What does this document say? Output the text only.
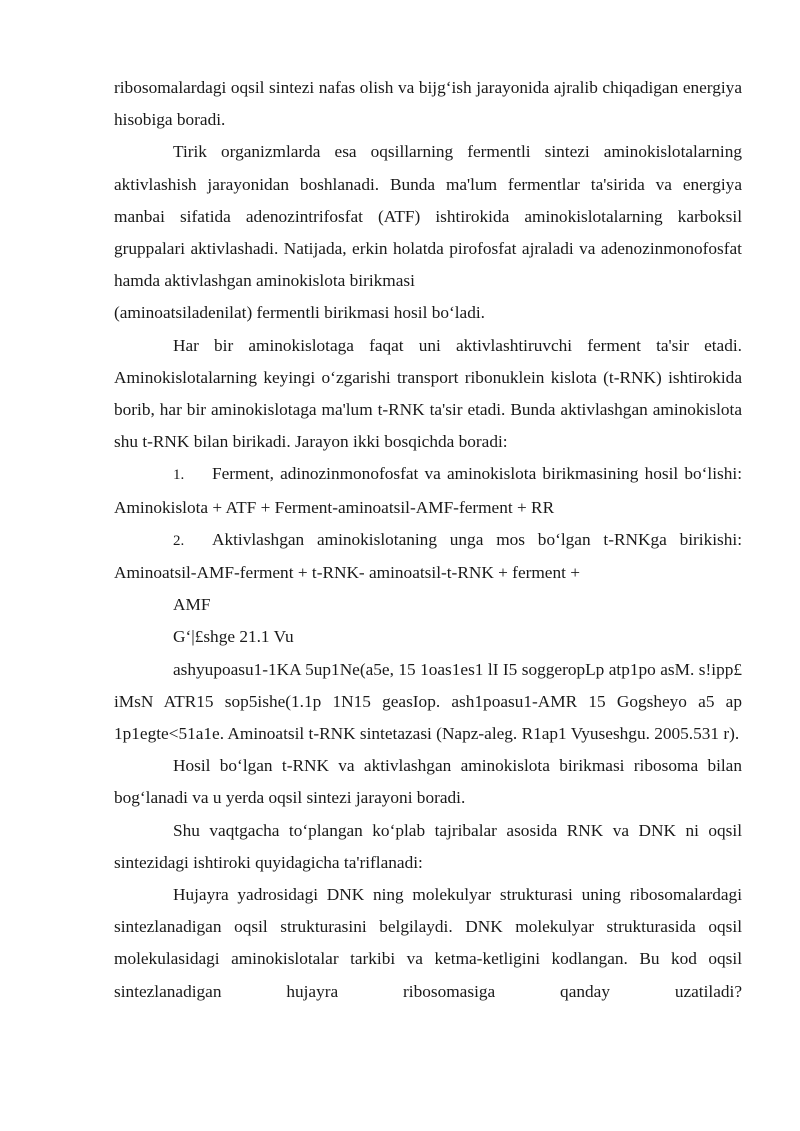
ribosomalardagi oqsil sintezi nafas olish va bijg‘ish jarayonida ajralib chiqadigan energiya hisobiga boradi.

Tirik organizmlarda esa oqsillarning fermentli sintezi aminokislotalarning aktivlashish jarayonidan boshlanadi. Bunda ma'lum fermentlar ta'sirida va energiya manbai sifatida adenozintrifosfat (ATF) ishtirokida aminokislotalarning karboksil gruppalari aktivlashadi. Natijada, erkin holatda pirofosfat ajraladi va adenozinmonofosfat hamda aktivlashgan aminokislota birikmasi

(aminoatsiladenilat) fermentli birikmasi hosil bo‘ladi.

Har bir aminokislotaga faqat uni aktivlashtiruvchi ferment ta'sir etadi. Aminokislotalarning keyingi o‘zgarishi transport ribonuklein kislota (t-RNK) ishtirokida borib, har bir aminokislotaga ma'lum t-RNK ta'sir etadi. Bunda aktivlashgan aminokislota shu t-RNK bilan birikadi. Jarayon ikki bosqichda boradi:

1. Ferment, adinozinmonofosfat va aminokislota birikmasining hosil bo‘lishi: Aminokislota + ATF + Ferment-aminoatsil-AMF-ferment + RR

2. Aktivlashgan aminokislotaning unga mos bo‘lgan t-RNKga birikishi: Aminoatsil-AMF-ferment + t-RNK- aminoatsil-t-RNK + ferment +

AMF

G‘|£shge 21.1 Vu

ashyupoasu1-1KA 5up1Ne(a5e, 15 1oas1es1 lI I5 soggeropLp atp1po asM. s!ipp£ iMsN ATR15 sop5ishe(1.1p 1N15 geasIop. ash1poasu1-AMR 15 Gogsheyo a5 ap 1p1egte<51a1e. Aminoatsil t-RNK sintetazasi (Napz-aleg. R1ap1 Vyuseshgu. 2005.531 r).

Hosil bo‘lgan t-RNK va aktivlashgan aminokislota birikmasi ribosoma bilan bog‘lanadi va u yerda oqsil sintezi jarayoni boradi.

Shu vaqtgacha to‘plangan ko‘plab tajribalar asosida RNK va DNK ni oqsil sintezidagi ishtiroki quyidagicha ta'riflanadi:

Hujayra yadrosidagi DNK ning molekulyar strukturasi uning ribosomalardagi sintezlanadigan oqsil strukturasini belgilaydi. DNK molekulyar strukturasida oqsil molekulasidagi aminokislotalar tarkibi va ketma-ketligini kodlangan. Bu kod oqsil sintezlanadigan hujayra ribosomasiga qanday uzatiladi?
